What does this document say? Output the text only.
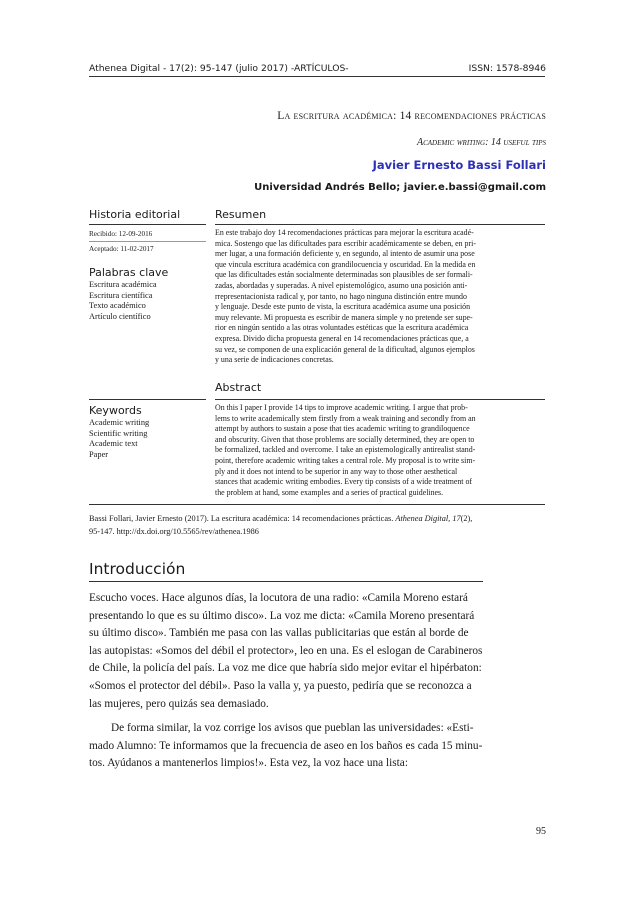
Athenea Digital - 17(2): 95-147 (julio 2017) -ARTÍCULOS-	ISSN: 1578-8946
La escritura académica: 14 recomendaciones prácticas
Academic writing: 14 useful tips
Javier Ernesto Bassi Follari
Universidad Andrés Bello; javier.e.bassi@gmail.com
Historia editorial
Recibido: 12-09-2016
Aceptado: 11-02-2017
Palabras clave
Escritura académica
Escritura científica
Texto académico
Artículo científico
Keywords
Academic writing
Scientific writing
Academic text
Paper
Resumen
En este trabajo doy 14 recomendaciones prácticas para mejorar la escritura acadé-
mica. Sostengo que las dificultades para escribir académicamente se deben, en pri-
mer lugar, a una formación deficiente y, en segundo, al intento de asumir una pose
que vincula escritura académica con grandilocuencia y oscuridad. En la medida en
que las dificultades están socialmente determinadas son plausibles de ser formali-
zadas, abordadas y superadas. A nivel epistemológico, asumo una posición anti-
rrepresentacionista radical y, por tanto, no hago ninguna distinción entre mundo
y lenguaje. Desde este punto de vista, la escritura académica asume una posición
muy relevante. Mi propuesta es escribir de manera simple y no pretende ser supe-
rior en ningún sentido a las otras voluntades estéticas que la escritura académica
expresa. Divido dicha propuesta general en 14 recomendaciones prácticas que, a
su vez, se componen de una explicación general de la dificultad, algunos ejemplos
y una serie de indicaciones concretas.
Abstract
On this I paper I provide 14 tips to improve academic writing. I argue that prob-
lems to write academically stem firstly from a weak training and secondly from an
attempt by authors to sustain a pose that ties academic writing to grandiloquence
and obscurity. Given that those problems are socially determined, they are open to
be formalized, tackled and overcome. I take an epistemologically antirealist stand-
point, therefore academic writing takes a central role. My proposal is to write sim-
ply and it does not intend to be superior in any way to those other aesthetical
stances that academic writing embodies. Every tip consists of a wide treatment of
the problem at hand, some examples and a series of practical guidelines.
Bassi Follari, Javier Ernesto (2017). La escritura académica: 14 recomendaciones prácticas. Athenea Digital, 17(2),
95-147. http://dx.doi.org/10.5565/rev/athenea.1986
Introducción
Escucho voces. Hace algunos días, la locutora de una radio: «Camila Moreno estará
presentando lo que es su último disco». La voz me dicta: «Camila Moreno presentará
su último disco». También me pasa con las vallas publicitarias que están al borde de
las autopistas: «Somos del débil el protector», leo en una. Es el eslogan de Carabineros
de Chile, la policía del país. La voz me dice que habría sido mejor evitar el hipérbaton:
«Somos el protector del débil». Paso la valla y, ya puesto, pediría que se reconozca a
las mujeres, pero quizás sea demasiado.
De forma similar, la voz corrige los avisos que pueblan las universidades: «Esti-
mado Alumno: Te informamos que la frecuencia de aseo en los baños es cada 15 minu-
tos. Ayúdanos a mantenerlos limpios!». Esta vez, la voz hace una lista:
95
